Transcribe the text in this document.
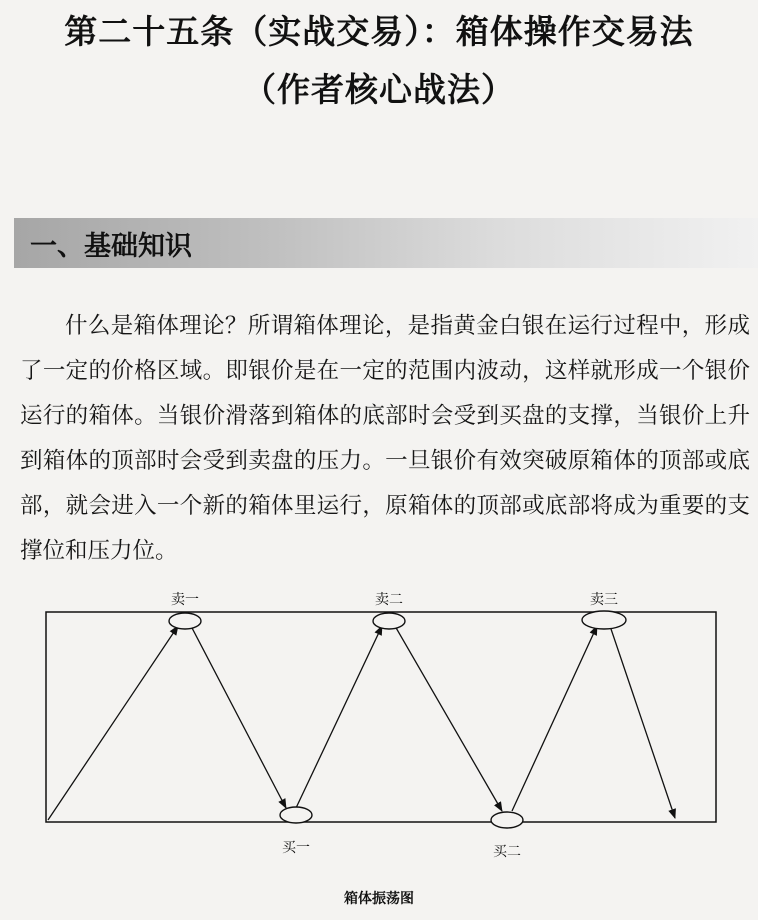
第二十五条（实战交易）：箱体操作交易法
（作者核心战法）
一、基础知识

什么是箱体理论？所谓箱体理论，是指黄金白银在运行过程中，形成了一定的价格区域。即银价是在一定的范围内波动，这样就形成一个银价运行的箱体。当银价滑落到箱体的底部时会受到买盘的支撑，当银价上升到箱体的顶部时会受到卖盘的压力。一旦银价有效突破原箱体的顶部或底部，就会进入一个新的箱体里运行，原箱体的顶部或底部将成为重要的支撑位和压力位。

卖一	卖二	卖三
买一	买二
箱体振荡图
